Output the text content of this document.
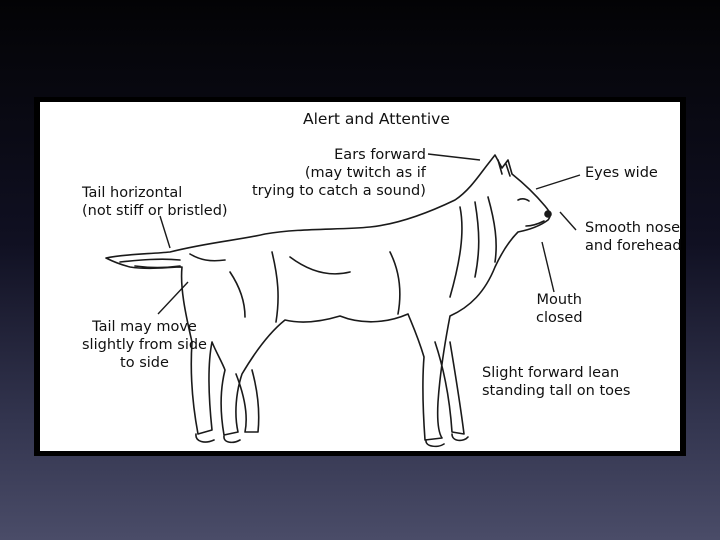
Alert and Attentive
Ears forward
(may twitch as if
trying to catch a sound)
Eyes wide
Tail horizontal
(not stiff or bristled)
Smooth nose
and forehead
Mouth
closed
Tail may move
slightly from side
to side
Slight forward lean
standing tall on toes
